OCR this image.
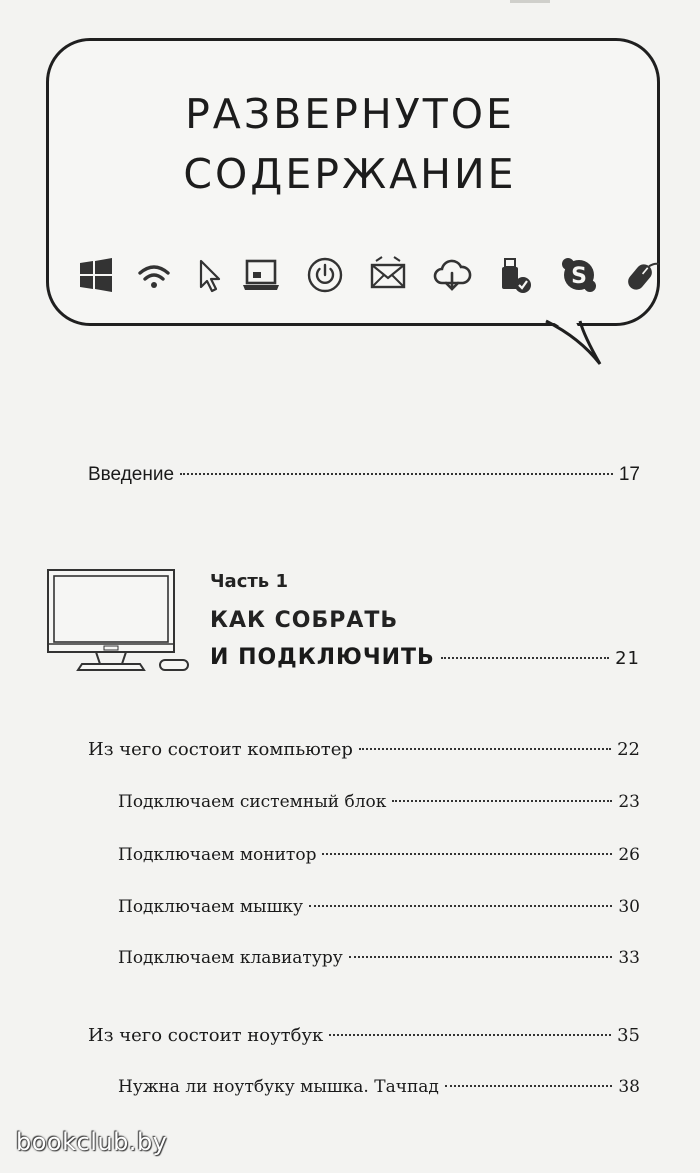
РАЗВЕРНУТОЕ
СОДЕРЖАНИЕ
S
Введение	17
Часть 1
КАК СОБРАТЬ
И ПОДКЛЮЧИТЬ	21
Из чего состоит компьютер	22
Подключаем системный блок	23
Подключаем монитор	26
Подключаем мышку	30
Подключаем клавиатуру	33
Из чего состоит ноутбук	35
Нужна ли ноутбуку мышка. Тачпад	38
bookclub.by
